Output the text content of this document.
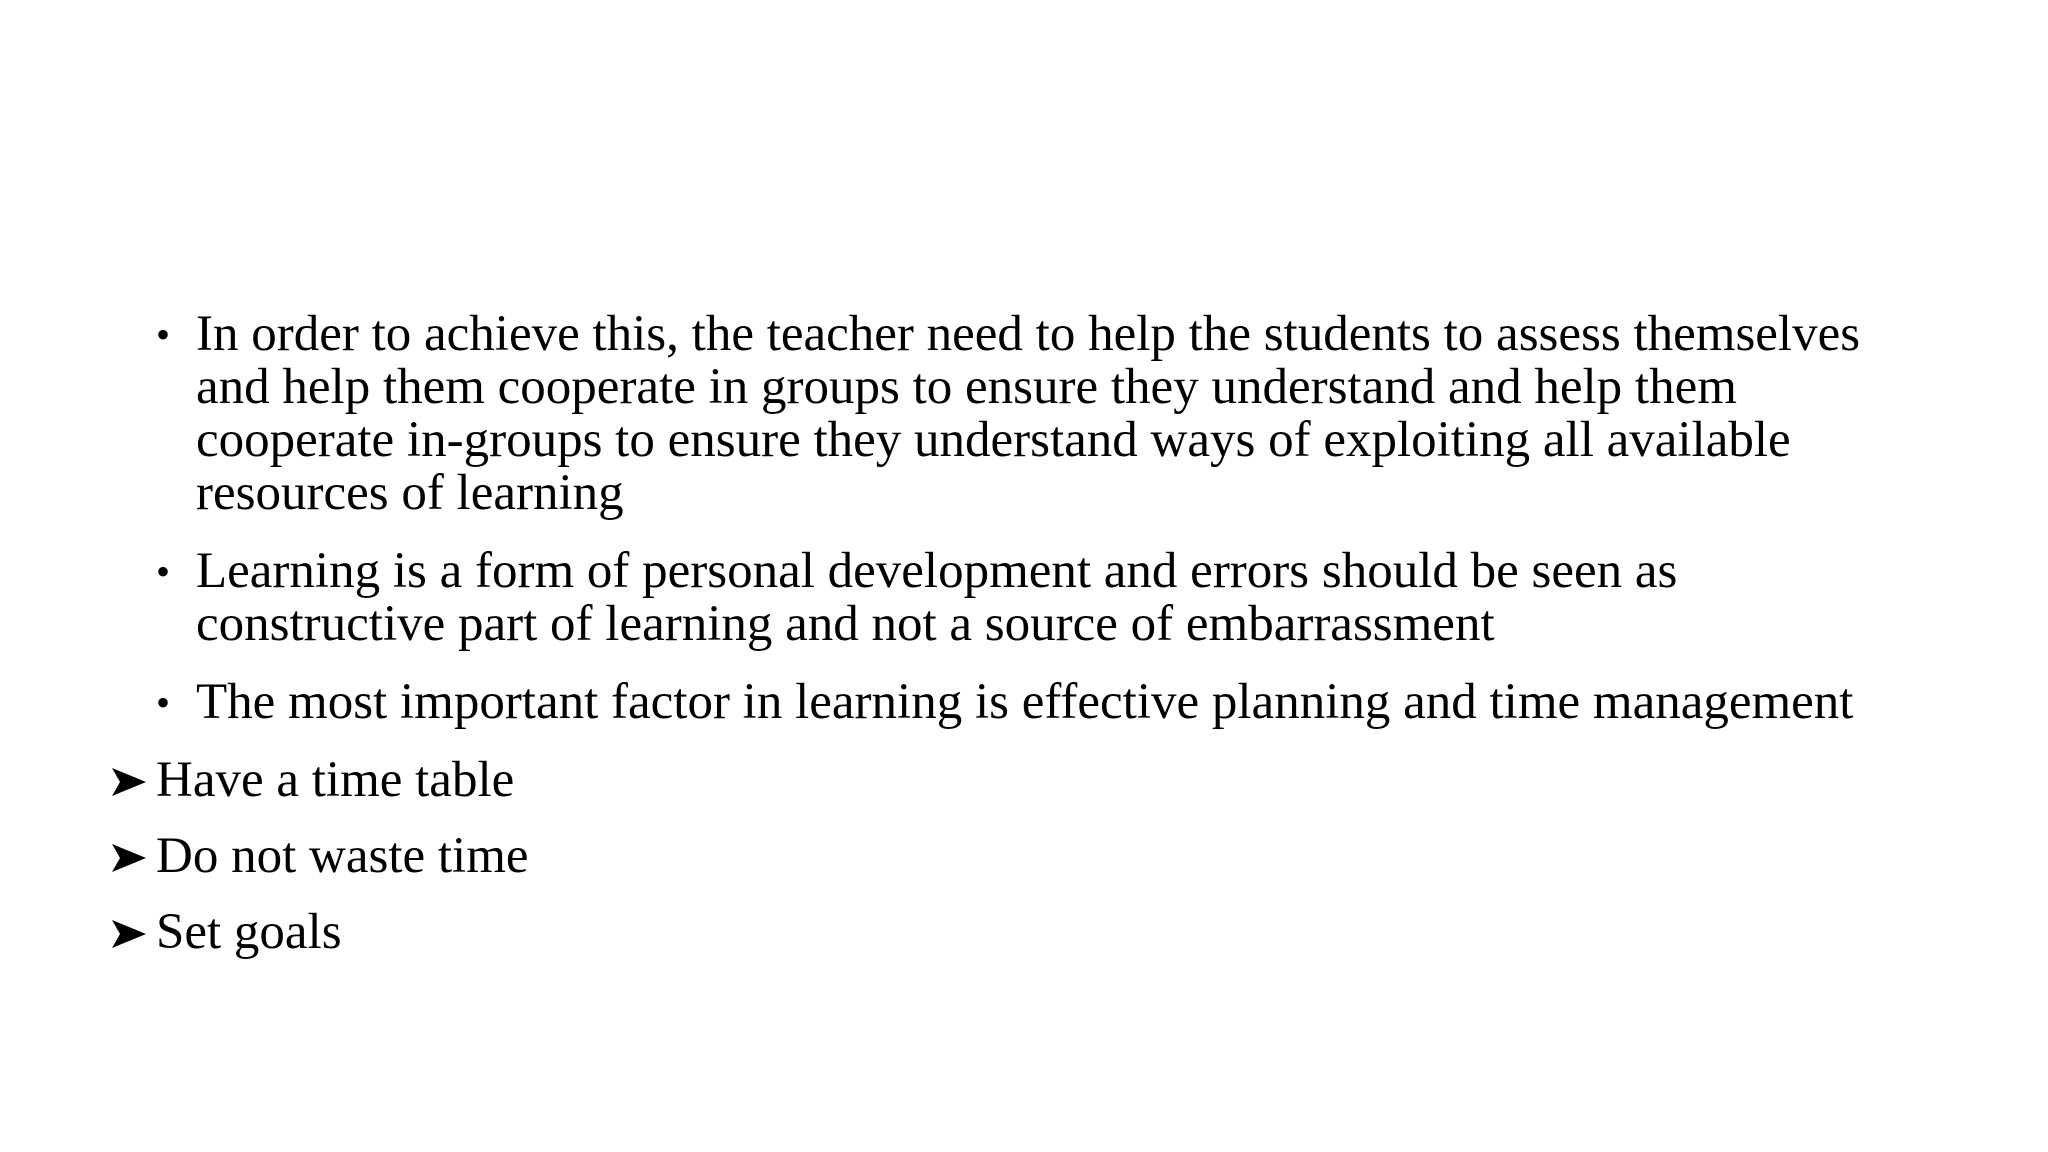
• In order to achieve this, the teacher need to help the students to assess themselves and help them cooperate in groups to ensure they understand and help them cooperate in-groups to ensure they understand ways of exploiting all available resources of learning
• Learning is a form of personal development and errors should be seen as constructive part of learning and not a source of embarrassment
• The most important factor in learning is effective planning and time management
Have a time table
Do not waste time
Set goals
